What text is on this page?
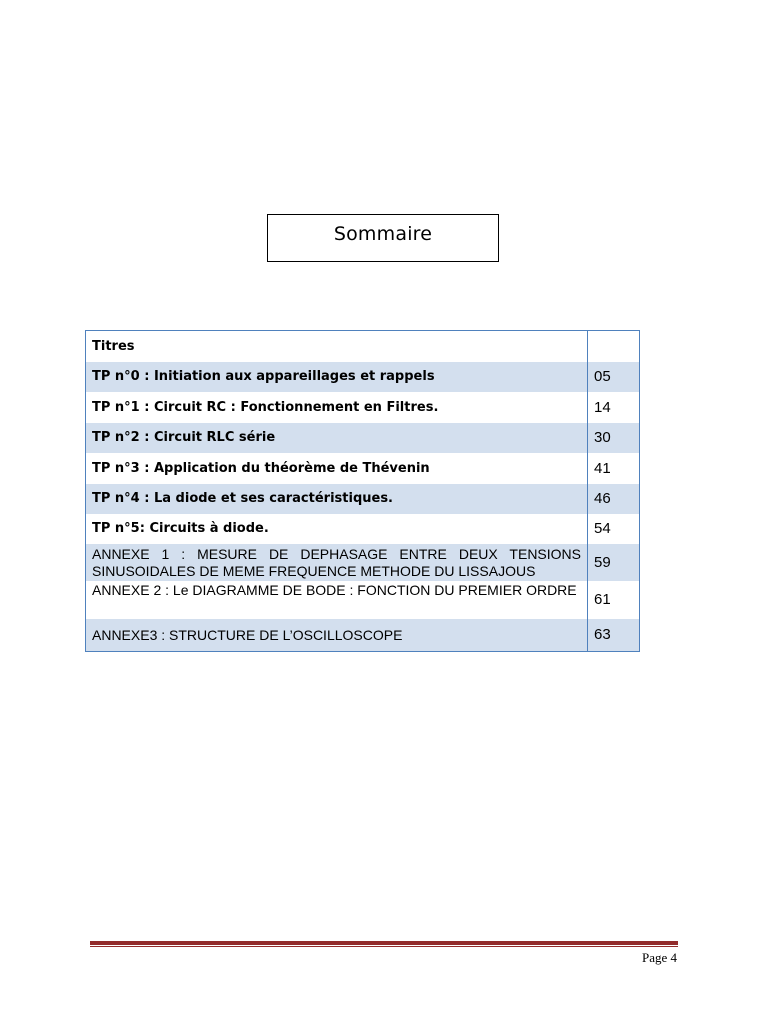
Sommaire
Titres	
TP n°0 : Initiation aux appareillages et rappels	05
TP n°1 : Circuit RC : Fonctionnement en Filtres.	14
TP n°2 : Circuit RLC série	30
TP n°3 : Application du théorème de Thévenin	41
TP n°4 : La diode et ses caractéristiques.	46
TP n°5: Circuits à diode.	54
ANNEXE 1 : MESURE DE DEPHASAGE ENTRE DEUX TENSIONS SINUSOIDALES DE MEME FREQUENCE METHODE DU LISSAJOUS	59
ANNEXE 2 : Le DIAGRAMME DE BODE : FONCTION DU PREMIER ORDRE	61
ANNEXE3 : STRUCTURE DE L’OSCILLOSCOPE	63
Page 4
